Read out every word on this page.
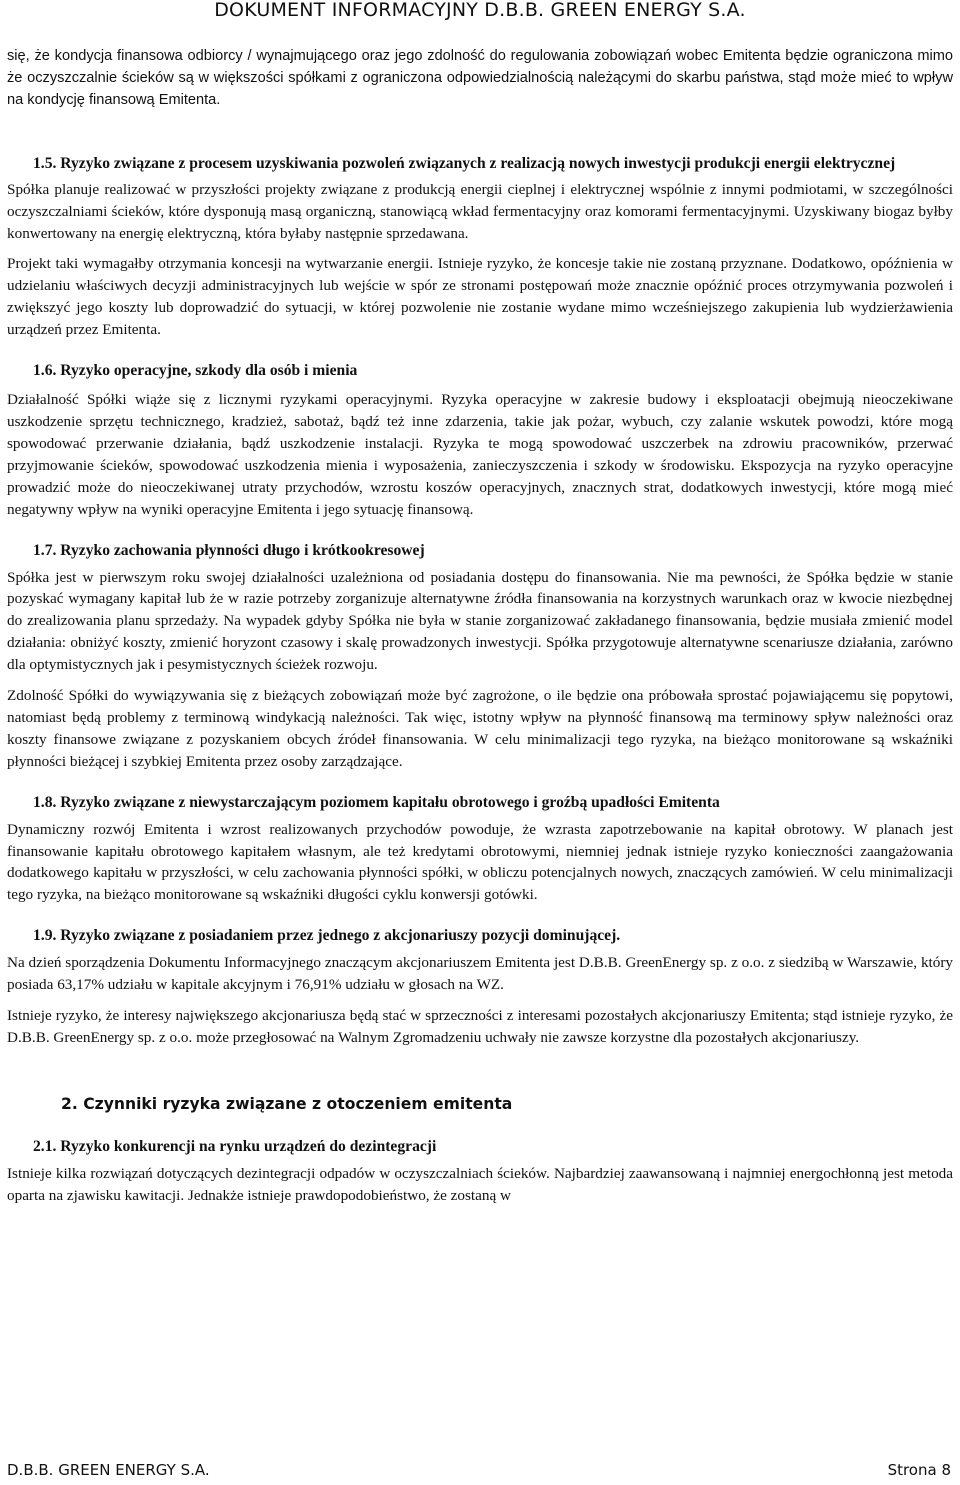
DOKUMENT INFORMACYJNY D.B.B. GREEN ENERGY S.A.

się, że kondycja finansowa odbiorcy / wynajmującego oraz jego zdolność do regulowania zobowiązań wobec Emitenta będzie ograniczona mimo że oczyszczalnie ścieków są w większości spółkami z ograniczona odpowiedzialnością należącymi do skarbu państwa, stąd może mieć to wpływ na kondycję finansową Emitenta.

1.5. Ryzyko związane z procesem uzyskiwania pozwoleń związanych z realizacją nowych inwestycji produkcji energii elektrycznej

Spółka planuje realizować w przyszłości projekty związane z produkcją energii cieplnej i elektrycznej wspólnie z innymi podmiotami, w szczególności oczyszczalniami ścieków, które dysponują masą organiczną, stanowiącą wkład fermentacyjny oraz komorami fermentacyjnymi. Uzyskiwany biogaz byłby konwertowany na energię elektryczną, która byłaby następnie sprzedawana.

Projekt taki wymagałby otrzymania koncesji na wytwarzanie energii. Istnieje ryzyko, że koncesje takie nie zostaną przyznane. Dodatkowo, opóźnienia w udzielaniu właściwych decyzji administracyjnych lub wejście w spór ze stronami postępowań może znacznie opóźnić proces otrzymywania pozwoleń i zwiększyć jego koszty lub doprowadzić do sytuacji, w której pozwolenie nie zostanie wydane mimo wcześniejszego zakupienia lub wydzierżawienia urządzeń przez Emitenta.

1.6. Ryzyko operacyjne, szkody dla osób i mienia

Działalność Spółki wiąże się z licznymi ryzykami operacyjnymi. Ryzyka operacyjne w zakresie budowy i eksploatacji obejmują nieoczekiwane uszkodzenie sprzętu technicznego, kradzież, sabotaż, bądź też inne zdarzenia, takie jak pożar, wybuch, czy zalanie wskutek powodzi, które mogą spowodować przerwanie działania, bądź uszkodzenie instalacji. Ryzyka te mogą spowodować uszczerbek na zdrowiu pracowników, przerwać przyjmowanie ścieków, spowodować uszkodzenia mienia i wyposażenia, zanieczyszczenia i szkody w środowisku. Ekspozycja na ryzyko operacyjne prowadzić może do nieoczekiwanej utraty przychodów, wzrostu koszów operacyjnych, znacznych strat, dodatkowych inwestycji, które mogą mieć negatywny wpływ na wyniki operacyjne Emitenta i jego sytuację finansową.

1.7. Ryzyko zachowania płynności długo i krótkookresowej

Spółka jest w pierwszym roku swojej działalności uzależniona od posiadania dostępu do finansowania. Nie ma pewności, że Spółka będzie w stanie pozyskać wymagany kapitał lub że w razie potrzeby zorganizuje alternatywne źródła finansowania na korzystnych warunkach oraz w kwocie niezbędnej do zrealizowania planu sprzedaży. Na wypadek gdyby Spółka nie była w stanie zorganizować zakładanego finansowania, będzie musiała zmienić model działania: obniżyć koszty, zmienić horyzont czasowy i skalę prowadzonych inwestycji. Spółka przygotowuje alternatywne scenariusze działania, zarówno dla optymistycznych jak i pesymistycznych ścieżek rozwoju.

Zdolność Spółki do wywiązywania się z bieżących zobowiązań może być zagrożone, o ile będzie ona próbowała sprostać pojawiającemu się popytowi, natomiast będą problemy z terminową windykacją należności. Tak więc, istotny wpływ na płynność finansową ma terminowy spływ należności oraz koszty finansowe związane z pozyskaniem obcych źródeł finansowania. W celu minimalizacji tego ryzyka, na bieżąco monitorowane są wskaźniki płynności bieżącej i szybkiej Emitenta przez osoby zarządzające.

1.8. Ryzyko związane z niewystarczającym poziomem kapitału obrotowego i groźbą upadłości Emitenta

Dynamiczny rozwój Emitenta i wzrost realizowanych przychodów powoduje, że wzrasta zapotrzebowanie na kapitał obrotowy. W planach jest finansowanie kapitału obrotowego kapitałem własnym, ale też kredytami obrotowymi, niemniej jednak istnieje ryzyko konieczności zaangażowania dodatkowego kapitału w przyszłości, w celu zachowania płynności spółki, w obliczu potencjalnych nowych, znaczących zamówień. W celu minimalizacji tego ryzyka, na bieżąco monitorowane są wskaźniki długości cyklu konwersji gotówki.

1.9. Ryzyko związane z posiadaniem przez jednego z akcjonariuszy pozycji dominującej.

Na dzień sporządzenia Dokumentu Informacyjnego znaczącym akcjonariuszem Emitenta jest D.B.B. GreenEnergy sp. z o.o. z siedzibą w Warszawie, który posiada 63,17% udziału w kapitale akcyjnym i 76,91% udziału w głosach na WZ.

Istnieje ryzyko, że interesy największego akcjonariusza będą stać w sprzeczności z interesami pozostałych akcjonariuszy Emitenta; stąd istnieje ryzyko, że D.B.B. GreenEnergy sp. z o.o. może przegłosować na Walnym Zgromadzeniu uchwały nie zawsze korzystne dla pozostałych akcjonariuszy.

2. Czynniki ryzyka związane z otoczeniem emitenta
2.1. Ryzyko konkurencji na rynku urządzeń do dezintegracji

Istnieje kilka rozwiązań dotyczących dezintegracji odpadów w oczyszczalniach ścieków. Najbardziej zaawansowaną i najmniej energochłonną jest metoda oparta na zjawisku kawitacji. Jednakże istnieje prawdopodobieństwo, że zostaną w

D.B.B. GREEN ENERGY S.A.	Strona 8
